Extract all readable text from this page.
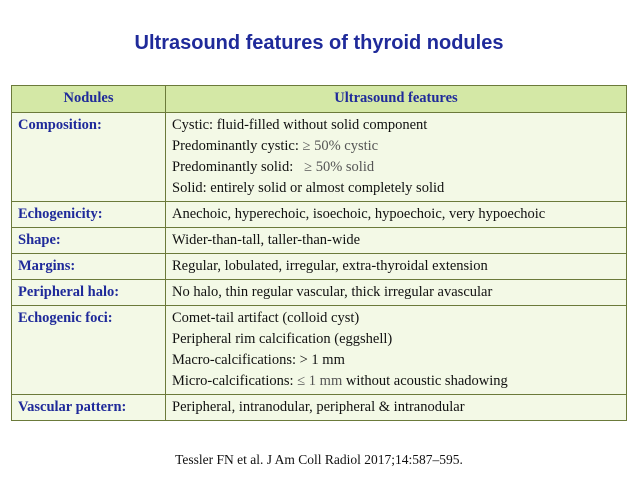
Ultrasound features of thyroid nodules
Nodules	Ultrasound features
Composition:	Cystic: fluid-filled without solid component
Predominantly cystic: ≥ 50% cystic
Predominantly solid:   ≥ 50% solid
Solid: entirely solid or almost completely solid

Echogenicity:	Anechoic, hyperechoic, isoechoic, hypoechoic, very hypoechoic

Shape:	Wider-than-tall, taller-than-wide

Margins:	Regular, lobulated, irregular, extra-thyroidal extension

Peripheral halo:	No halo, thin regular vascular, thick irregular avascular

Echogenic foci:	Comet-tail artifact (colloid cyst)
Peripheral rim calcification (eggshell)
Macro-calcifications: > 1 mm
Micro-calcifications: ≤ 1 mm without acoustic shadowing

Vascular pattern:	Peripheral, intranodular, peripheral & intranodular
Tessler FN et al. J Am Coll Radiol 2017;14:587–595.
